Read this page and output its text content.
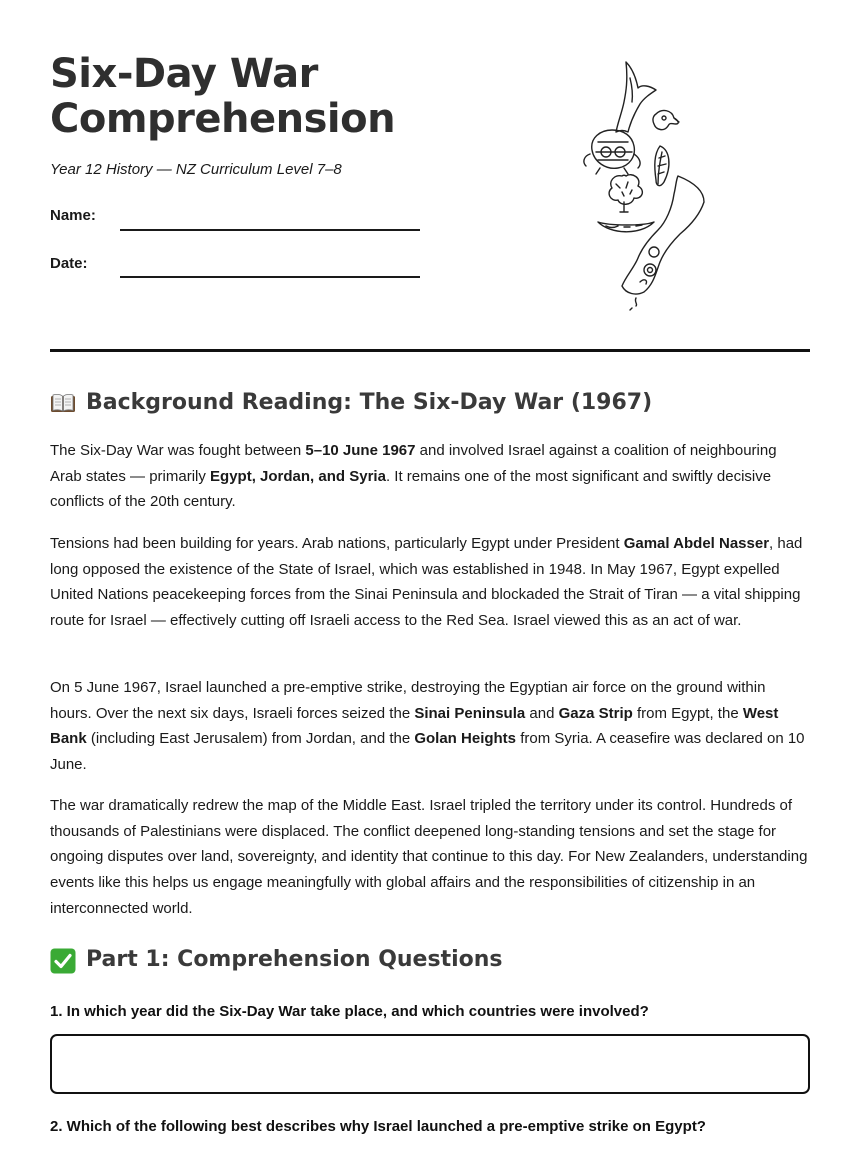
Six-Day War
Comprehension
Year 12 History — NZ Curriculum Level 7–8
Name:
Date:
Background Reading: The Six-Day War (1967)

The Six-Day War was fought between 5–10 June 1967 and involved Israel against a coalition of neighbouring Arab states — primarily Egypt, Jordan, and Syria. It remains one of the most significant and swiftly decisive conflicts of the 20th century.

Tensions had been building for years. Arab nations, particularly Egypt under President Gamal Abdel Nasser, had long opposed the existence of the State of Israel, which was established in 1948. In May 1967, Egypt expelled United Nations peacekeeping forces from the Sinai Peninsula and blockaded the Strait of Tiran — a vital shipping route for Israel — effectively cutting off Israeli access to the Red Sea. Israel viewed this as an act of war.

On 5 June 1967, Israel launched a pre-emptive strike, destroying the Egyptian air force on the ground within hours. Over the next six days, Israeli forces seized the Sinai Peninsula and Gaza Strip from Egypt, the West Bank (including East Jerusalem) from Jordan, and the Golan Heights from Syria. A ceasefire was declared on 10 June.

The war dramatically redrew the map of the Middle East. Israel tripled the territory under its control. Hundreds of thousands of Palestinians were displaced. The conflict deepened long-standing tensions and set the stage for ongoing disputes over land, sovereignty, and identity that continue to this day. For New Zealanders, understanding events like this helps us engage meaningfully with global affairs and the responsibilities of citizenship in an interconnected world.

Part 1: Comprehension Questions

1. In which year did the Six-Day War take place, and which countries were involved?

2. Which of the following best describes why Israel launched a pre-emptive strike on Egypt?
